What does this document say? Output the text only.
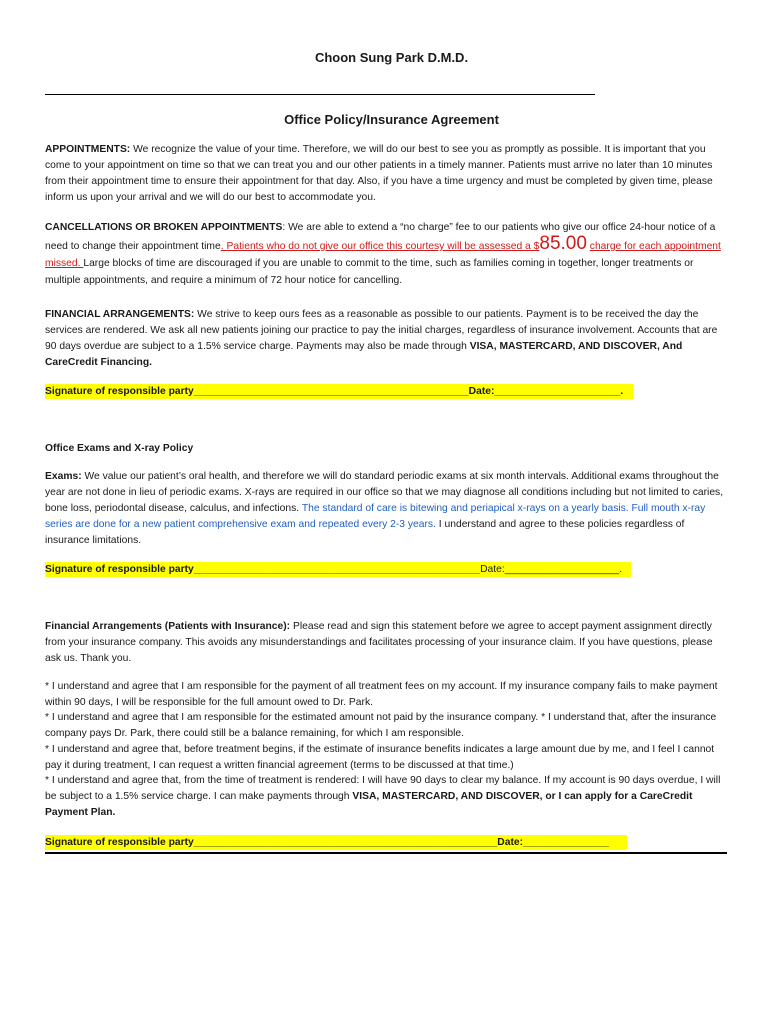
Choon Sung Park D.M.D.
Office Policy/Insurance Agreement
APPOINTMENTS: We recognize the value of your time. Therefore, we will do our best to see you as promptly as possible. It is important that you come to your appointment on time so that we can treat you and our other patients in a timely manner. Patients must arrive no later than 10 minutes from their appointment time to ensure their appointment for that day. Also, if you have a time urgency and must be completed by given time, please inform us upon your arrival and we will do our best to accommodate you.
CANCELLATIONS OR BROKEN APPOINTMENTS: We are able to extend a “no charge” fee to our patients who give our office 24-hour notice of a need to change their appointment time. Patients who do not give our office this courtesy will be assessed a $85.00 charge for each appointment missed. Large blocks of time are discouraged if you are unable to commit to the time, such as families coming in together, longer treatments or multiple appointments, and require a minimum of 72 hour notice for cancelling.
FINANCIAL ARRANGEMENTS: We strive to keep ours fees as a reasonable as possible to our patients. Payment is to be received the day the services are rendered. We ask all new patients joining our practice to pay the initial charges, regardless of insurance involvement. Accounts that are 90 days overdue are subject to a 1.5% service charge. Payments may also be made through VISA, MASTERCARD, AND DISCOVER, And CareCredit Financing.
Signature of responsible party________________________________________________Date:______________________.
Office Exams and X-ray Policy
Exams: We value our patient’s oral health, and therefore we will do standard periodic exams at six month intervals. Additional exams throughout the year are not done in lieu of periodic exams. X-rays are required in our office so that we may diagnose all conditions including but not limited to caries, bone loss, periodontal disease, calculus, and infections. The standard of care is bitewing and periapical x-rays on a yearly basis. Full mouth x-ray series are done for a new patient comprehensive exam and repeated every 2-3 years. I understand and agree to these policies regardless of insurance limitations.
Signature of responsible party__________________________________________________Date:____________________.
Financial Arrangements (Patients with Insurance): Please read and sign this statement before we agree to accept payment assignment directly from your insurance company. This avoids any misunderstandings and facilitates processing of your insurance claim. If you have questions, please ask us. Thank you.
* I understand and agree that I am responsible for the payment of all treatment fees on my account. If my insurance company fails to make payment within 90 days, I will be responsible for the full amount owed to Dr. Park.
* I understand and agree that I am responsible for the estimated amount not paid by the insurance company. * I understand that, after the insurance company pays Dr. Park, there could still be a balance remaining, for which I am responsible.
* I understand and agree that, before treatment begins, if the estimate of insurance benefits indicates a large amount due by me, and I feel I cannot pay it during treatment, I can request a written financial agreement (terms to be discussed at that time.)
* I understand and agree that, from the time of treatment is rendered: I will have 90 days to clear my balance. If my account is 90 days overdue, I will be subject to a 1.5% service charge. I can make payments through VISA, MASTERCARD, AND DISCOVER, or I can apply for a CareCredit Payment Plan.
Signature of responsible party_____________________________________________________Date:_______________
